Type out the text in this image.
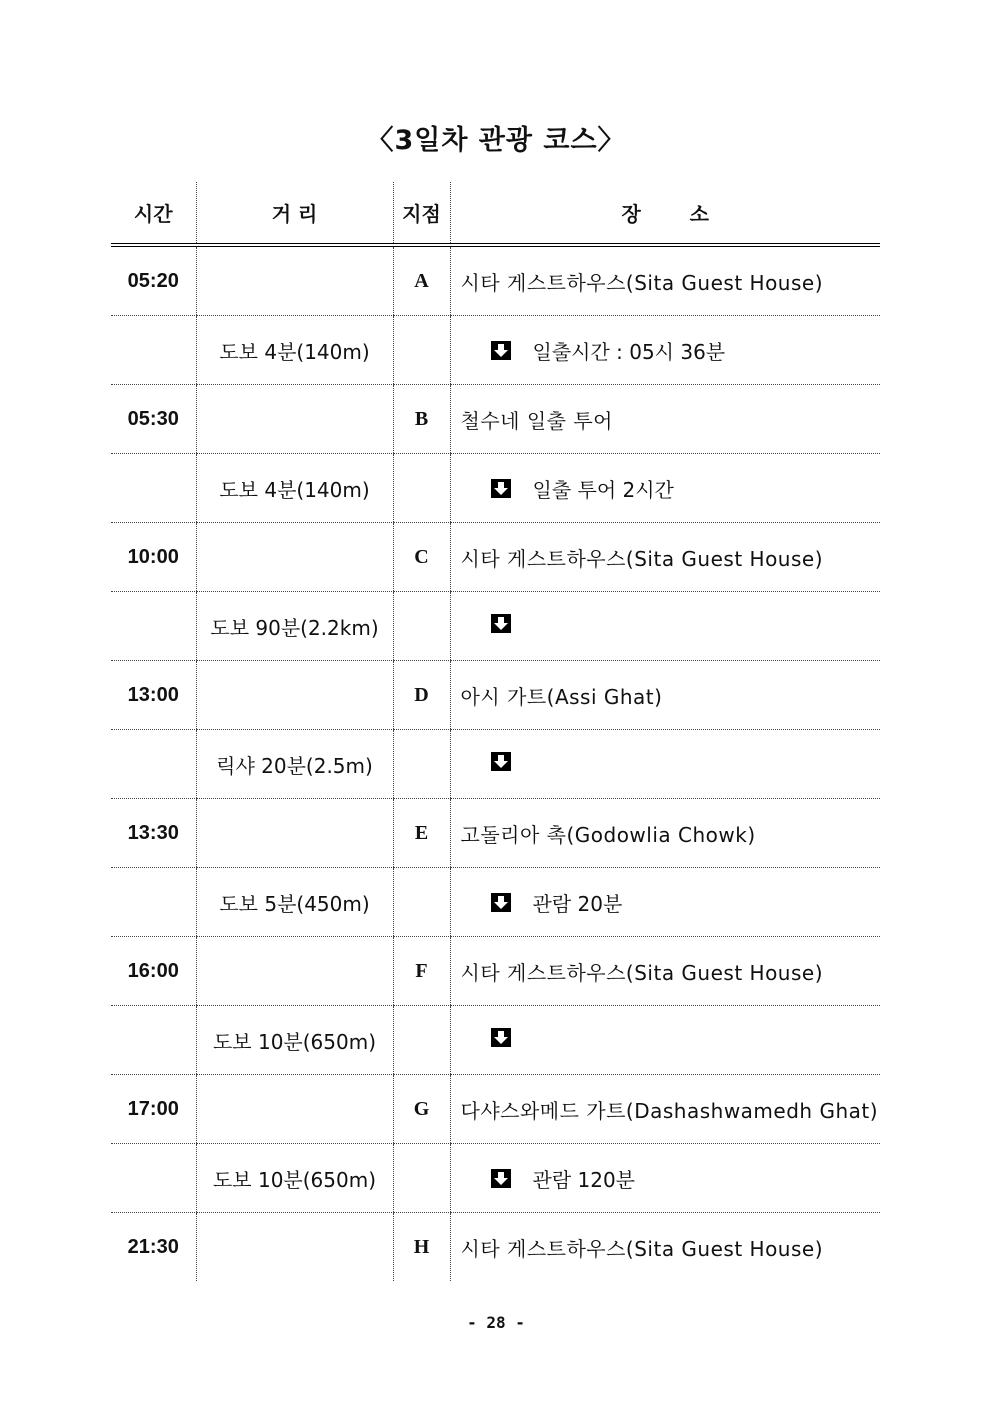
〈3일차 관광 코스〉
시간	거 리	지점	장       소
05:20		A	시타 게스트하우스(Sita Guest House)
	도보 4분(140m)		일출시간 : 05시 36분

05:30		B	철수네 일출 투어
	도보 4분(140m)		일출 투어 2시간

10:00		C	시타 게스트하우스(Sita Guest House)
	도보 90분(2.2km)		

13:00		D	아시 가트(Assi Ghat)
	릭샤 20분(2.5m)		

13:30		E	고돌리아 촉(Godowlia Chowk)
	도보 5분(450m)		관람 20분

16:00		F	시타 게스트하우스(Sita Guest House)
	도보 10분(650m)		

17:00		G	다샤스와메드 가트(Dashashwamedh Ghat)
	도보 10분(650m)		관람 120분

21:30		H	시타 게스트하우스(Sita Guest House)
- 28 -
